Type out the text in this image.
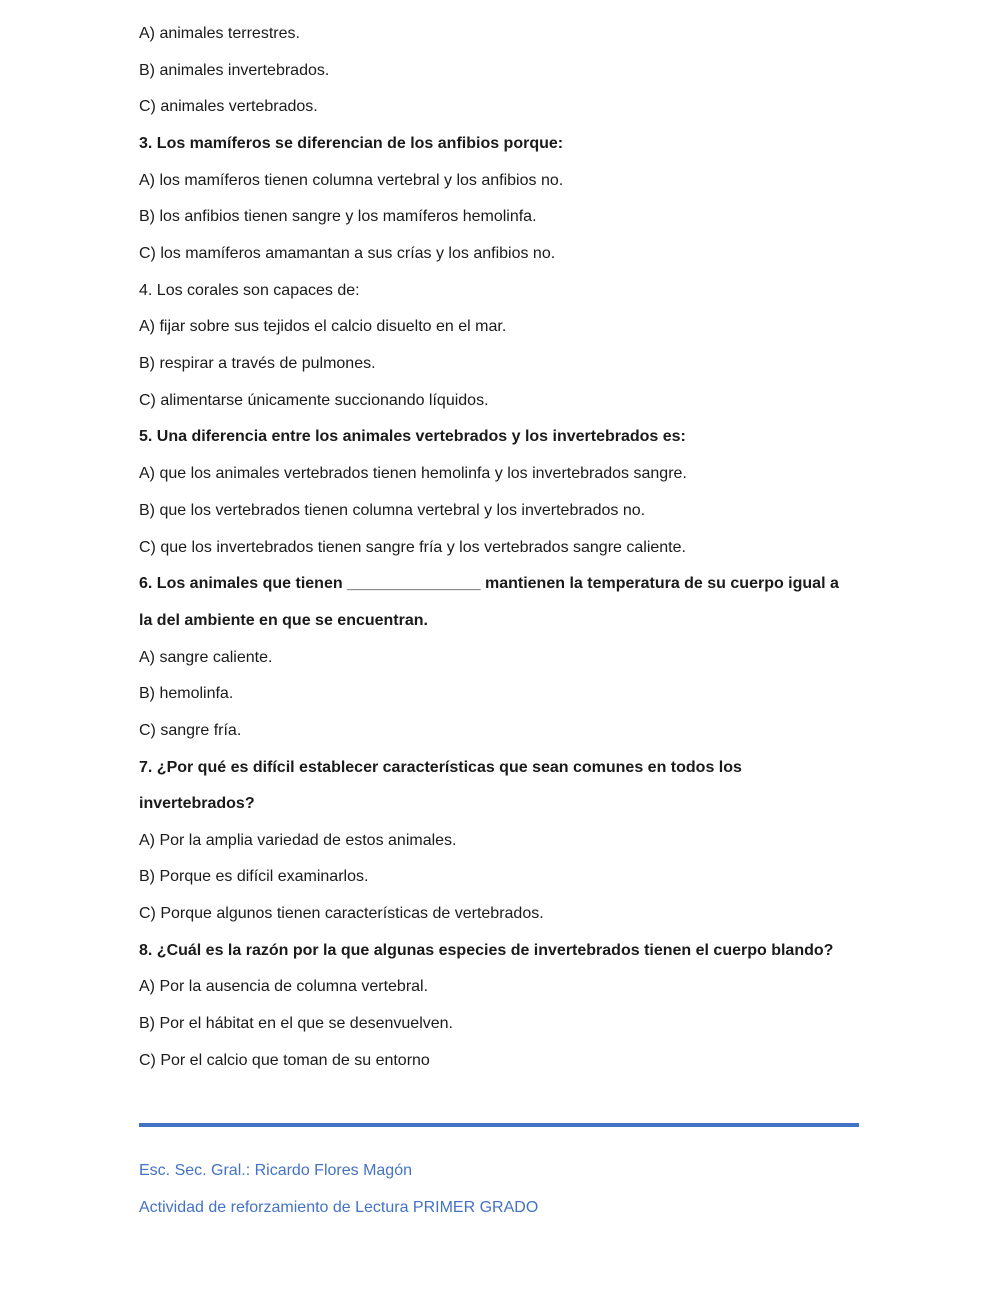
A) animales terrestres.
B) animales invertebrados.
C) animales vertebrados.
3. Los mamíferos se diferencian de los anfibios porque:
A) los mamíferos tienen columna vertebral y los anfibios no.
B) los anfibios tienen sangre y los mamíferos hemolinfa.
C) los mamíferos amamantan a sus crías y los anfibios no.
4. Los corales son capaces de:
A) fijar sobre sus tejidos el calcio disuelto en el mar.
B) respirar a través de pulmones.
C) alimentarse únicamente succionando líquidos.
5. Una diferencia entre los animales vertebrados y los invertebrados es:
A) que los animales vertebrados tienen hemolinfa y los invertebrados sangre.
B) que los vertebrados tienen columna vertebral y los invertebrados no.
C) que los invertebrados tienen sangre fría y los vertebrados sangre caliente.
6. Los animales que tienen _______________ mantienen la temperatura de su cuerpo igual a
la del ambiente en que se encuentran.
A) sangre caliente.
B) hemolinfa.
C) sangre fría.
7. ¿Por qué es difícil establecer características que sean comunes en todos los
invertebrados?
A) Por la amplia variedad de estos animales.
B) Porque es difícil examinarlos.
C) Porque algunos tienen características de vertebrados.
8. ¿Cuál es la razón por la que algunas especies de invertebrados tienen el cuerpo blando?
A) Por la ausencia de columna vertebral.
B) Por el hábitat en el que se desenvuelven.
C) Por el calcio que toman de su entorno
Esc. Sec. Gral.: Ricardo Flores Magón
Actividad de reforzamiento de Lectura PRIMER GRADO
